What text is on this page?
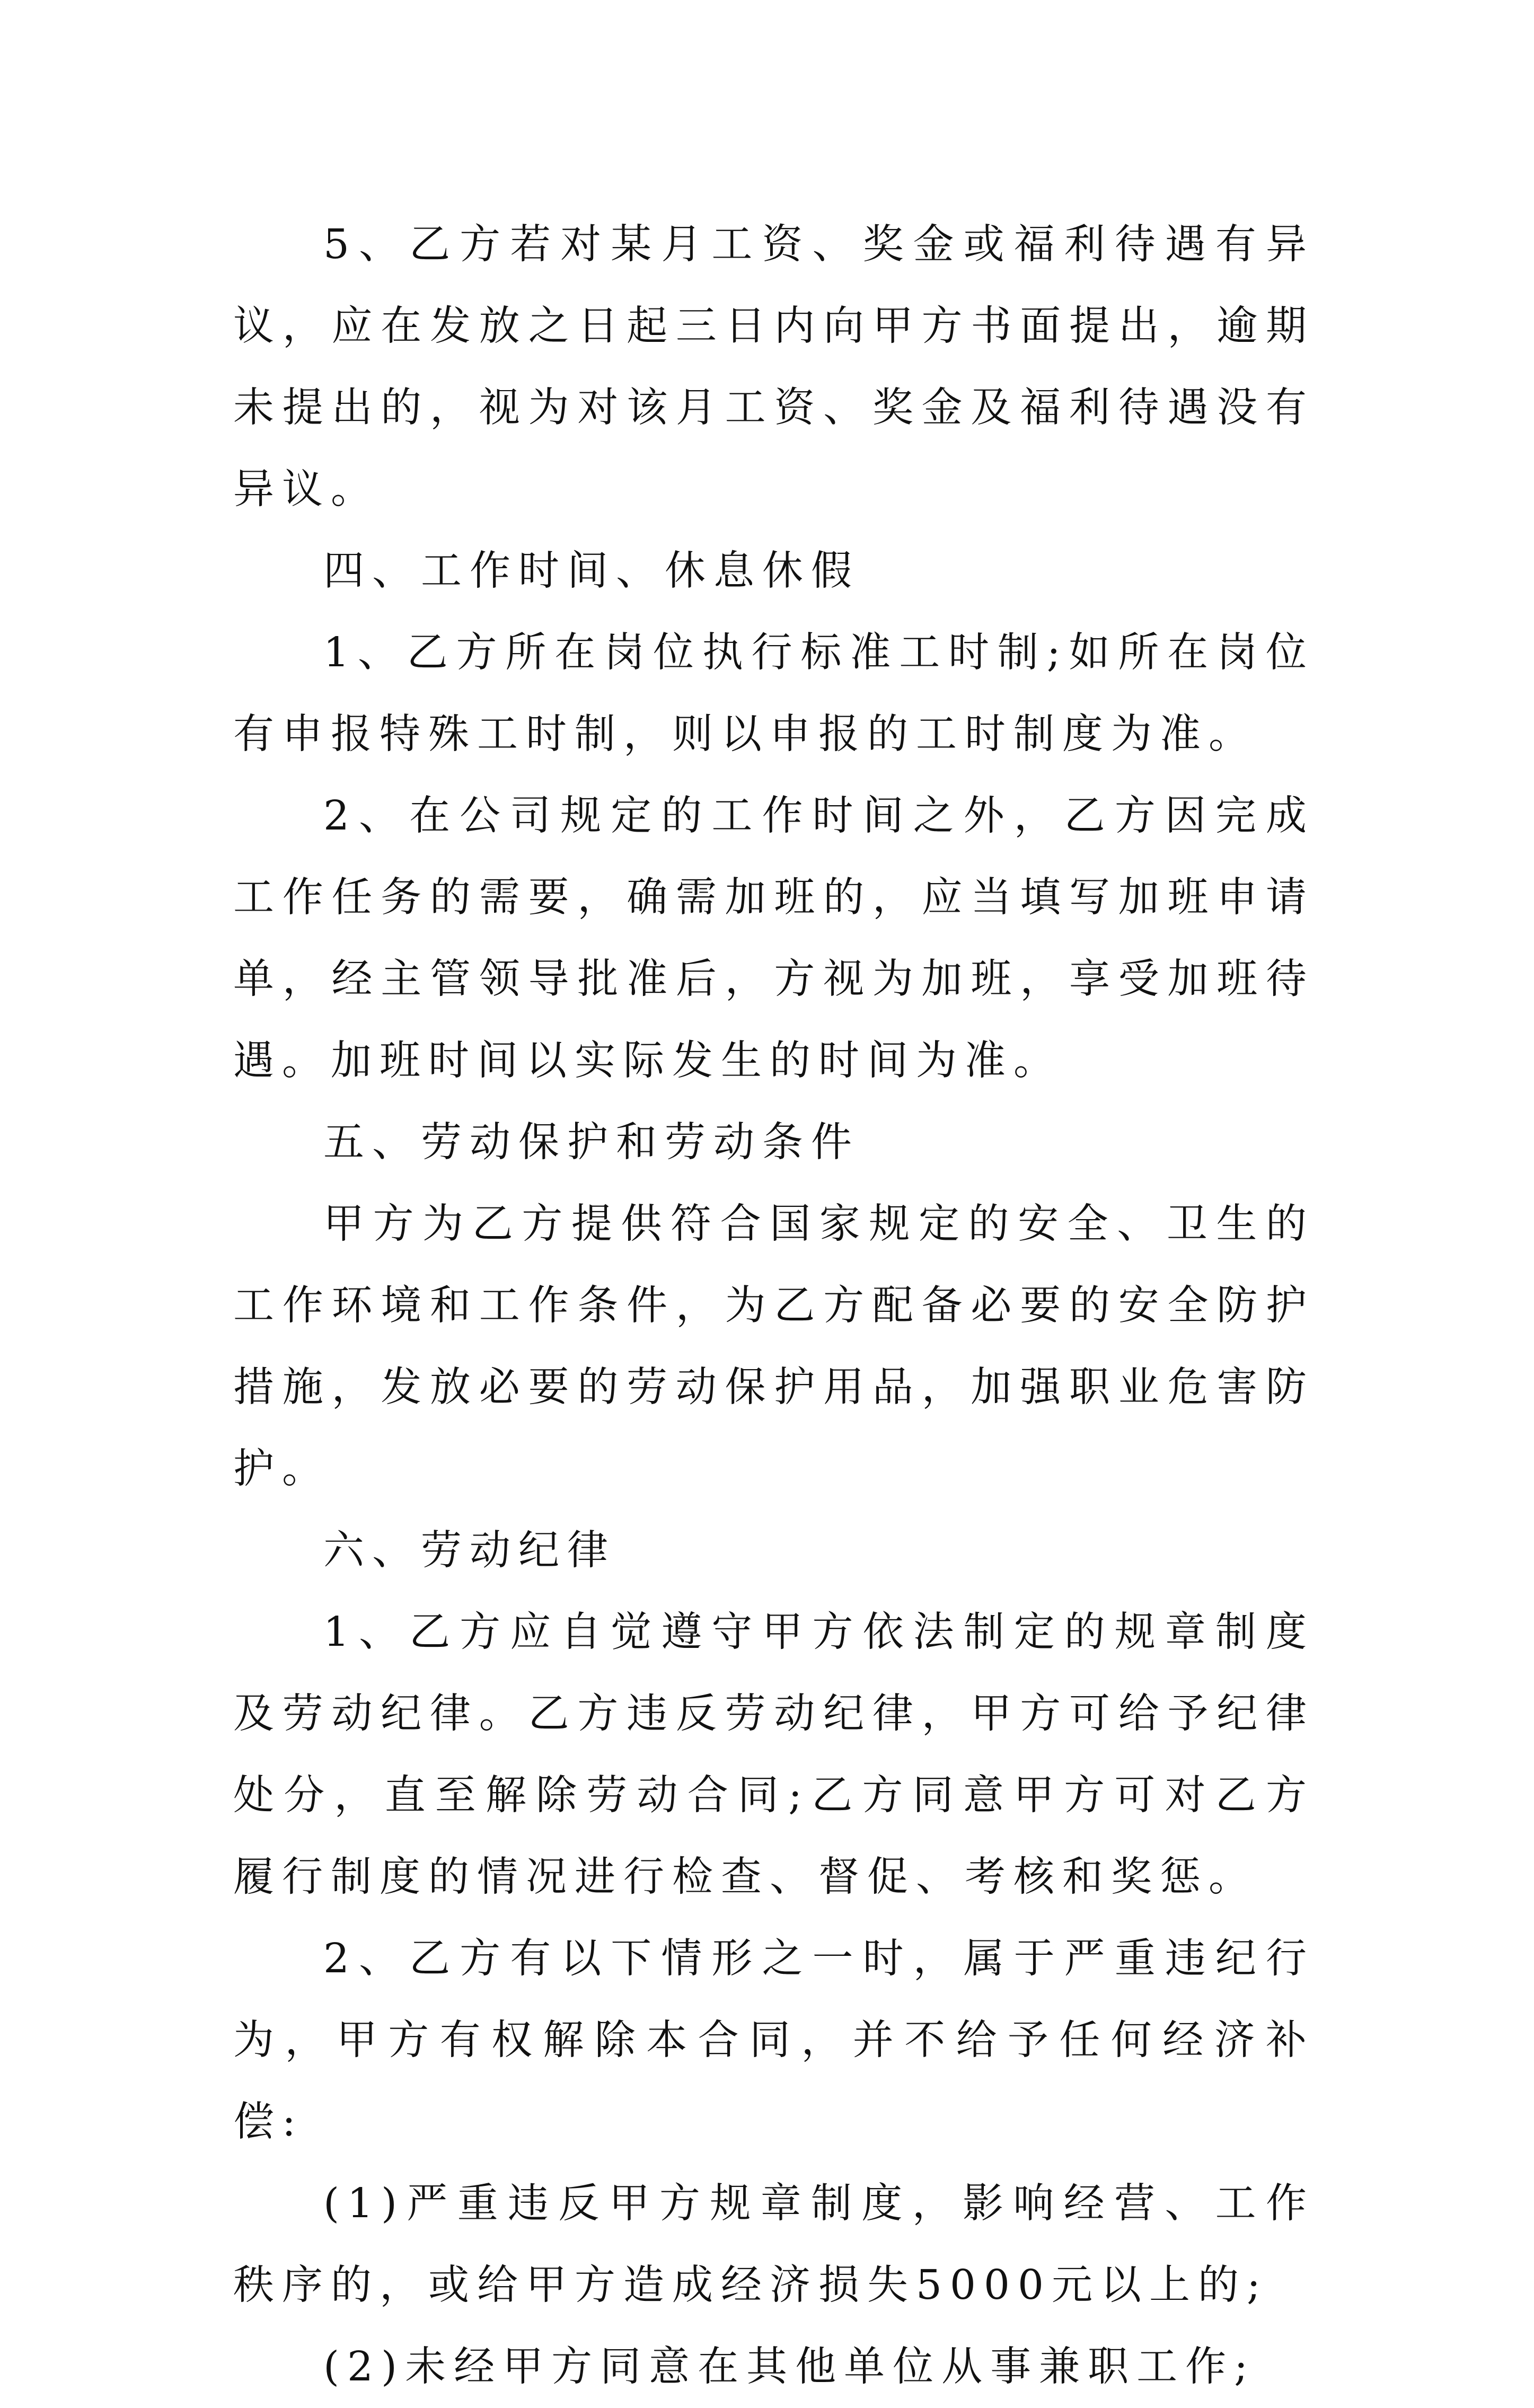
5、乙方若对某月工资、奖金或福利待遇有异议，应在发放之日起三日内向甲方书面提出，逾期未提出的，视为对该月工资、奖金及福利待遇没有异议。

四、工作时间、休息休假

1、乙方所在岗位执行标准工时制;如所在岗位有申报特殊工时制，则以申报的工时制度为准。

2、在公司规定的工作时间之外，乙方因完成工作任务的需要，确需加班的，应当填写加班申请单，经主管领导批准后，方视为加班，享受加班待遇。加班时间以实际发生的时间为准。

五、劳动保护和劳动条件

甲方为乙方提供符合国家规定的安全、卫生的工作环境和工作条件，为乙方配备必要的安全防护措施，发放必要的劳动保护用品，加强职业危害防护。

六、劳动纪律

1、乙方应自觉遵守甲方依法制定的规章制度及劳动纪律。乙方违反劳动纪律，甲方可给予纪律处分，直至解除劳动合同;乙方同意甲方可对乙方履行制度的情况进行检查、督促、考核和奖惩。

2、乙方有以下情形之一时，属于严重违纪行为，甲方有权解除本合同，并不给予任何经济补偿:

(1)严重违反甲方规章制度，影响经营、工作秩序的，或给甲方造成经济损失5000元以上的;

(2)未经甲方同意在其他单位从事兼职工作;
